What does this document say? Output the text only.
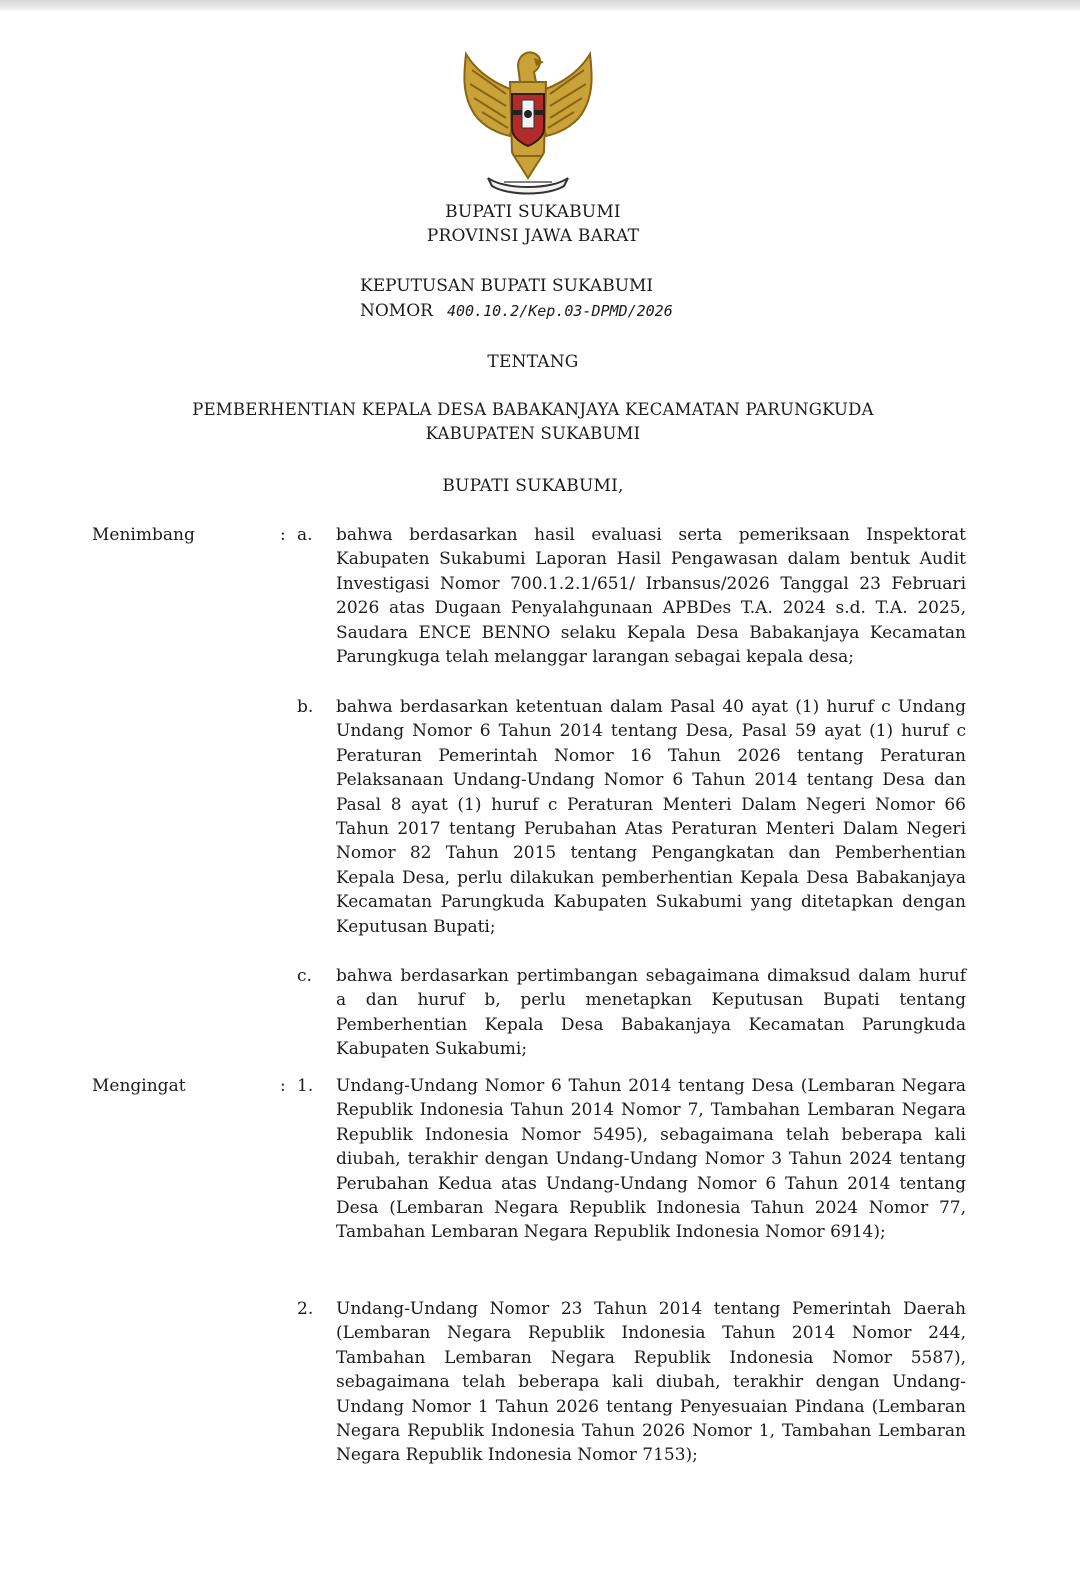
BUPATI SUKABUMI
PROVINSI JAWA BARAT
KEPUTUSAN BUPATI SUKABUMI
NOMOR 400.10.2/Kep.03-DPMD/2026
TENTANG
PEMBERHENTIAN KEPALA DESA BABAKANJAYA KECAMATAN PARUNGKUDA
KABUPATEN SUKABUMI
BUPATI SUKABUMI,
Menimbang	: a. bahwa berdasarkan hasil evaluasi serta pemeriksaan Inspektorat Kabupaten Sukabumi Laporan Hasil Pengawasan dalam bentuk Audit Investigasi Nomor 700.1.2.1/651/ Irbansus/2026 Tanggal 23 Februari 2026 atas Dugaan Penyalahgunaan APBDes T.A. 2024 s.d. T.A. 2025, Saudara ENCE BENNO selaku Kepala Desa Babakanjaya Kecamatan Parungkuga telah melanggar larangan sebagai kepala desa;
b. bahwa berdasarkan ketentuan dalam Pasal 40 ayat (1) huruf c Undang Undang Nomor 6 Tahun 2014 tentang Desa, Pasal 59 ayat (1) huruf c Peraturan Pemerintah Nomor 16 Tahun 2026 tentang Peraturan Pelaksanaan Undang-Undang Nomor 6 Tahun 2014 tentang Desa dan Pasal 8 ayat (1) huruf c Peraturan Menteri Dalam Negeri Nomor 66 Tahun 2017 tentang Perubahan Atas Peraturan Menteri Dalam Negeri Nomor 82 Tahun 2015 tentang Pengangkatan dan Pemberhentian Kepala Desa, perlu dilakukan pemberhentian Kepala Desa Babakanjaya Kecamatan Parungkuda Kabupaten Sukabumi yang ditetapkan dengan Keputusan Bupati;
c. bahwa berdasarkan pertimbangan sebagaimana dimaksud dalam huruf a dan huruf b, perlu menetapkan Keputusan Bupati tentang Pemberhentian Kepala Desa Babakanjaya Kecamatan Parungkuda Kabupaten Sukabumi;
Mengingat	: 1. Undang-Undang Nomor 6 Tahun 2014 tentang Desa (Lembaran Negara Republik Indonesia Tahun 2014 Nomor 7, Tambahan Lembaran Negara Republik Indonesia Nomor 5495), sebagaimana telah beberapa kali diubah, terakhir dengan Undang-Undang Nomor 3 Tahun 2024 tentang Perubahan Kedua atas Undang-Undang Nomor 6 Tahun 2014 tentang Desa (Lembaran Negara Republik Indonesia Tahun 2024 Nomor 77, Tambahan Lembaran Negara Republik Indonesia Nomor 6914);
2. Undang-Undang Nomor 23 Tahun 2014 tentang Pemerintah Daerah (Lembaran Negara Republik Indonesia Tahun 2014 Nomor 244, Tambahan Lembaran Negara Republik Indonesia Nomor 5587), sebagaimana telah beberapa kali diubah, terakhir dengan Undang-Undang Nomor 1 Tahun 2026 tentang Penyesuaian Pindana (Lembaran Negara Republik Indonesia Tahun 2026 Nomor 1, Tambahan Lembaran Negara Republik Indonesia Nomor 7153);
